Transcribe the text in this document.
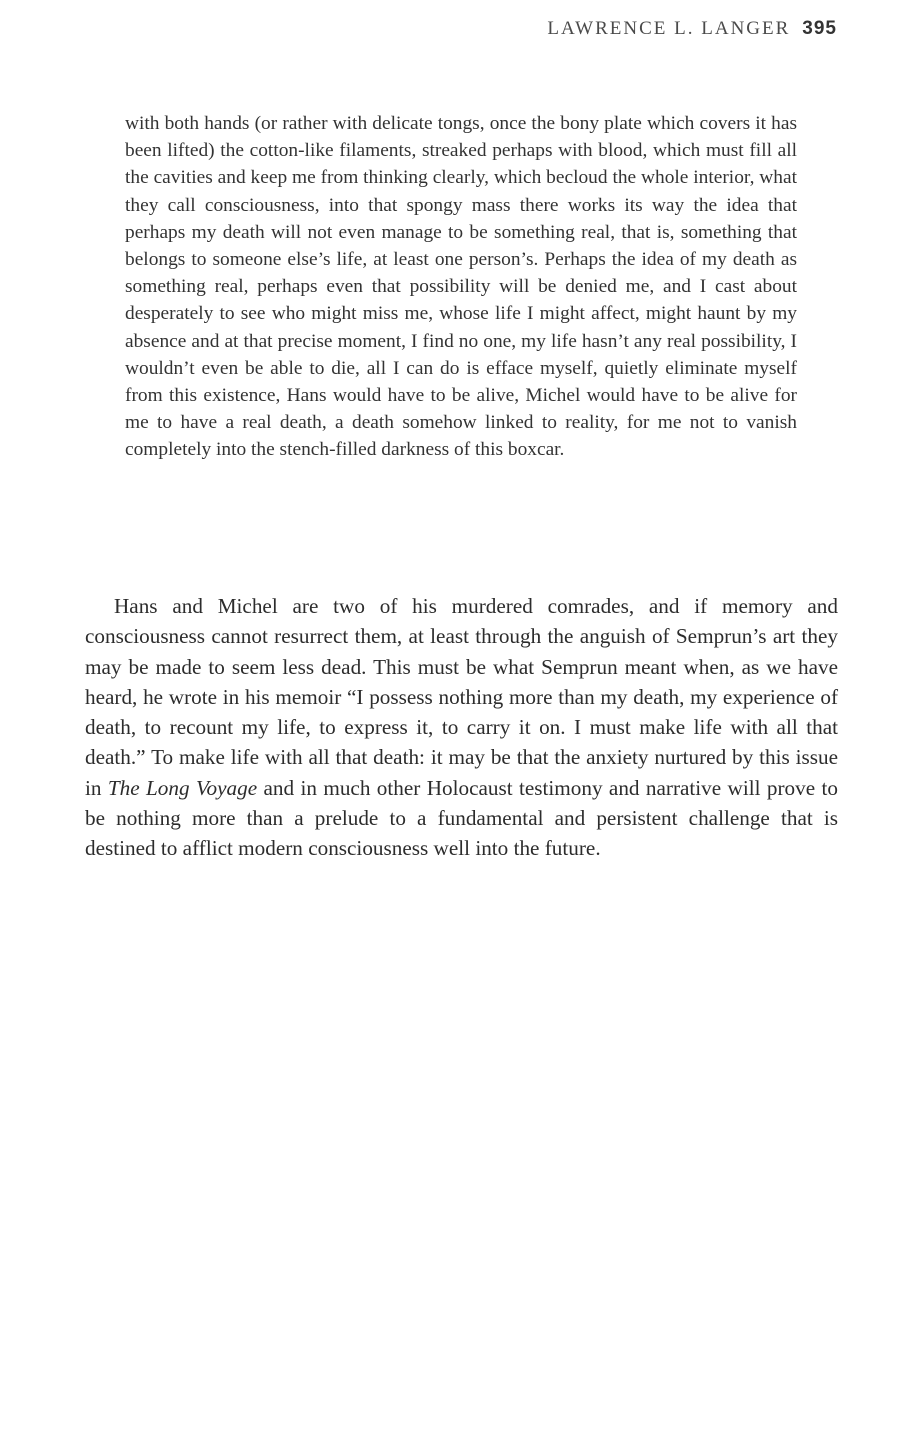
LAWRENCE L. LANGER 395
with both hands (or rather with delicate tongs, once the bony plate which covers it has been lifted) the cotton-like filaments, streaked perhaps with blood, which must fill all the cavities and keep me from thinking clearly, which becloud the whole interior, what they call consciousness, into that spongy mass there works its way the idea that perhaps my death will not even manage to be something real, that is, something that belongs to someone else’s life, at least one person’s. Perhaps the idea of my death as something real, perhaps even that possibility will be denied me, and I cast about desperately to see who might miss me, whose life I might affect, might haunt by my absence and at that precise moment, I find no one, my life hasn’t any real possibility, I wouldn’t even be able to die, all I can do is efface myself, quietly eliminate myself from this existence, Hans would have to be alive, Michel would have to be alive for me to have a real death, a death somehow linked to reality, for me not to vanish completely into the stench-filled darkness of this boxcar.

Hans and Michel are two of his murdered comrades, and if memory and consciousness cannot resurrect them, at least through the anguish of Semprun’s art they may be made to seem less dead. This must be what Semprun meant when, as we have heard, he wrote in his memoir “I possess nothing more than my death, my experience of death, to recount my life, to express it, to carry it on. I must make life with all that death.” To make life with all that death: it may be that the anxiety nurtured by this issue in The Long Voyage and in much other Holocaust testimony and narrative will prove to be nothing more than a prelude to a fundamental and persistent challenge that is destined to afflict modern consciousness well into the future.
